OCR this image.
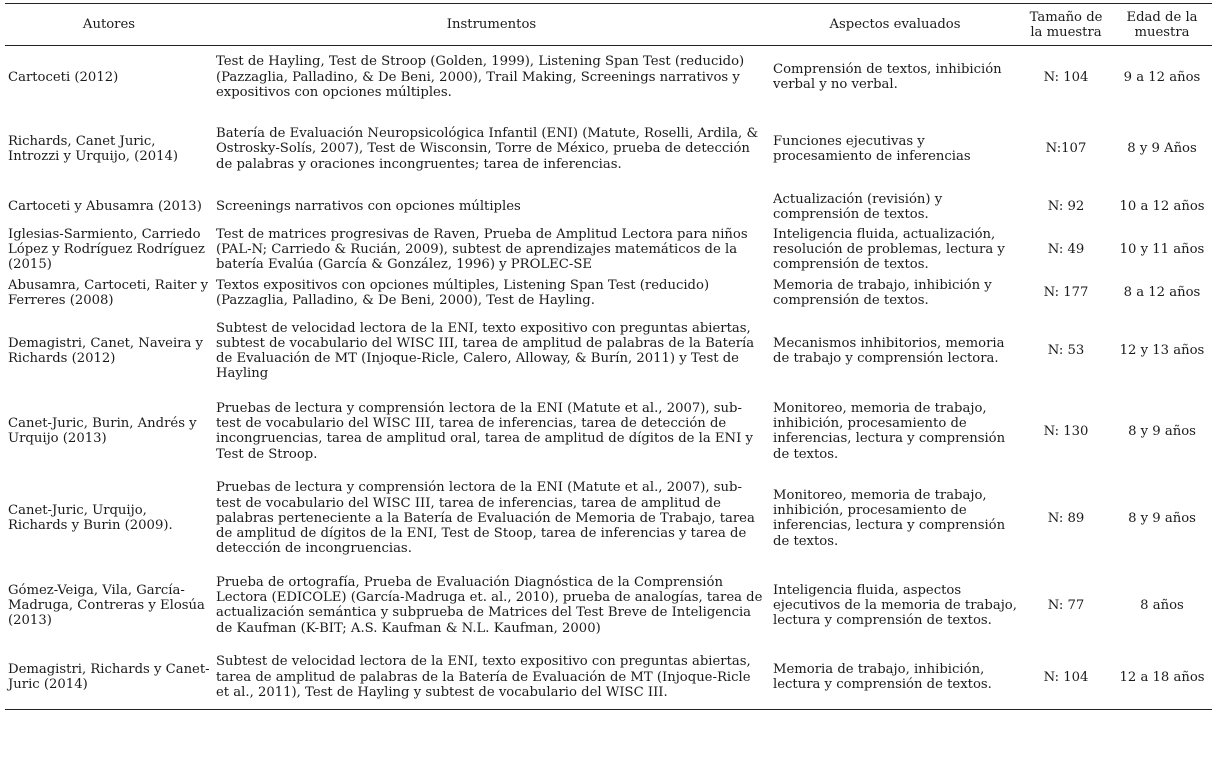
Autores	Instrumentos	Aspectos evaluados	Tamaño de la muestra	Edad de la muestra
Cartoceti (2012)	Test de Hayling, Test de Stroop (Golden, 1999), Listening Span Test (reducido) (Pazzaglia, Palladino, & De Beni, 2000), Trail Making, Screenings narrativos y expositivos con opciones múltiples.	Comprensión de textos, inhibición verbal y no verbal.	N: 104	9 a 12 años
Richards, Canet Juric, Introzzi y Urquijo, (2014)	Batería de Evaluación Neuropsicológica Infantil (ENI) (Matute, Roselli, Ardila, & Ostrosky-Solís, 2007), Test de Wisconsin, Torre de México, prueba de detección de palabras y oraciones incongruentes; tarea de inferencias.	Funciones ejecutivas y procesamiento de inferencias	N:107	8 y 9 Años
Cartoceti y Abusamra (2013)	Screenings narrativos con opciones múltiples	Actualización (revisión) y comprensión de textos.	N: 92	10 a 12 años
Iglesias-Sarmiento, Carriedo López y Rodríguez Rodríguez (2015)	Test de matrices progresivas de Raven, Prueba de Amplitud Lectora para niños (PAL-N; Carriedo & Rucián, 2009), subtest de aprendizajes matemáticos de la batería Evalúa (García & González, 1996) y PROLEC-SE	Inteligencia fluida, actualización, resolución de problemas, lectura y comprensión de textos.	N: 49	10 y 11 años
Abusamra, Cartoceti, Raiter y Ferreres (2008)	Textos expositivos con opciones múltiples, Listening Span Test (reducido) (Pazzaglia, Palladino, & De Beni, 2000), Test de Hayling.	Memoria de trabajo, inhibición y comprensión de textos.	N: 177	8 a 12 años
Demagistri, Canet, Naveira y Richards (2012)	Subtest de velocidad lectora de la ENI, texto expositivo con preguntas abiertas, subtest de vocabulario del WISC III, tarea de amplitud de palabras de la Batería de Evaluación de MT (Injoque-Ricle, Calero, Alloway, & Burín, 2011) y Test de Hayling	Mecanismos inhibitorios, memoria de trabajo y comprensión lectora.	N: 53	12 y 13 años
Canet-Juric, Burin, Andrés y Urquijo (2013)	Pruebas de lectura y comprensión lectora de la ENI (Matute et al., 2007), sub-test de vocabulario del WISC III, tarea de inferencias, tarea de detección de incongruencias, tarea de amplitud oral, tarea de amplitud de dígitos de la ENI y Test de Stroop.	Monitoreo, memoria de trabajo, inhibición, procesamiento de inferencias, lectura y comprensión de textos.	N: 130	8 y 9 años
Canet-Juric, Urquijo, Richards y Burin (2009).	Pruebas de lectura y comprensión lectora de la ENI (Matute et al., 2007), sub-test de vocabulario del WISC III, tarea de inferencias, tarea de amplitud de palabras perteneciente a la Batería de Evaluación de Memoria de Trabajo, tarea de amplitud de dígitos de la ENI, Test de Stoop, tarea de inferencias y tarea de detección de incongruencias.	Monitoreo, memoria de trabajo, inhibición, procesamiento de inferencias, lectura y comprensión de textos.	N: 89	8 y 9 años
Gómez-Veiga, Vila, García-Madruga, Contreras y Elosúa (2013)	Prueba de ortografía, Prueba de Evaluación Diagnóstica de la Comprensión Lectora (EDICOLE) (García-Madruga et. al., 2010), prueba de analogías, tarea de actualización semántica y subprueba de Matrices del Test Breve de Inteligencia de Kaufman (K-BIT; A.S. Kaufman & N.L. Kaufman, 2000)	Inteligencia fluida, aspectos ejecutivos de la memoria de trabajo, lectura y comprensión de textos.	N: 77	8 años
Demagistri, Richards y Canet-Juric (2014)	Subtest de velocidad lectora de la ENI, texto expositivo con preguntas abiertas, tarea de amplitud de palabras de la Batería de Evaluación de MT (Injoque-Ricle et al., 2011), Test de Hayling y subtest de vocabulario del WISC III.	Memoria de trabajo, inhibición, lectura y comprensión de textos.	N: 104	12 a 18 años
